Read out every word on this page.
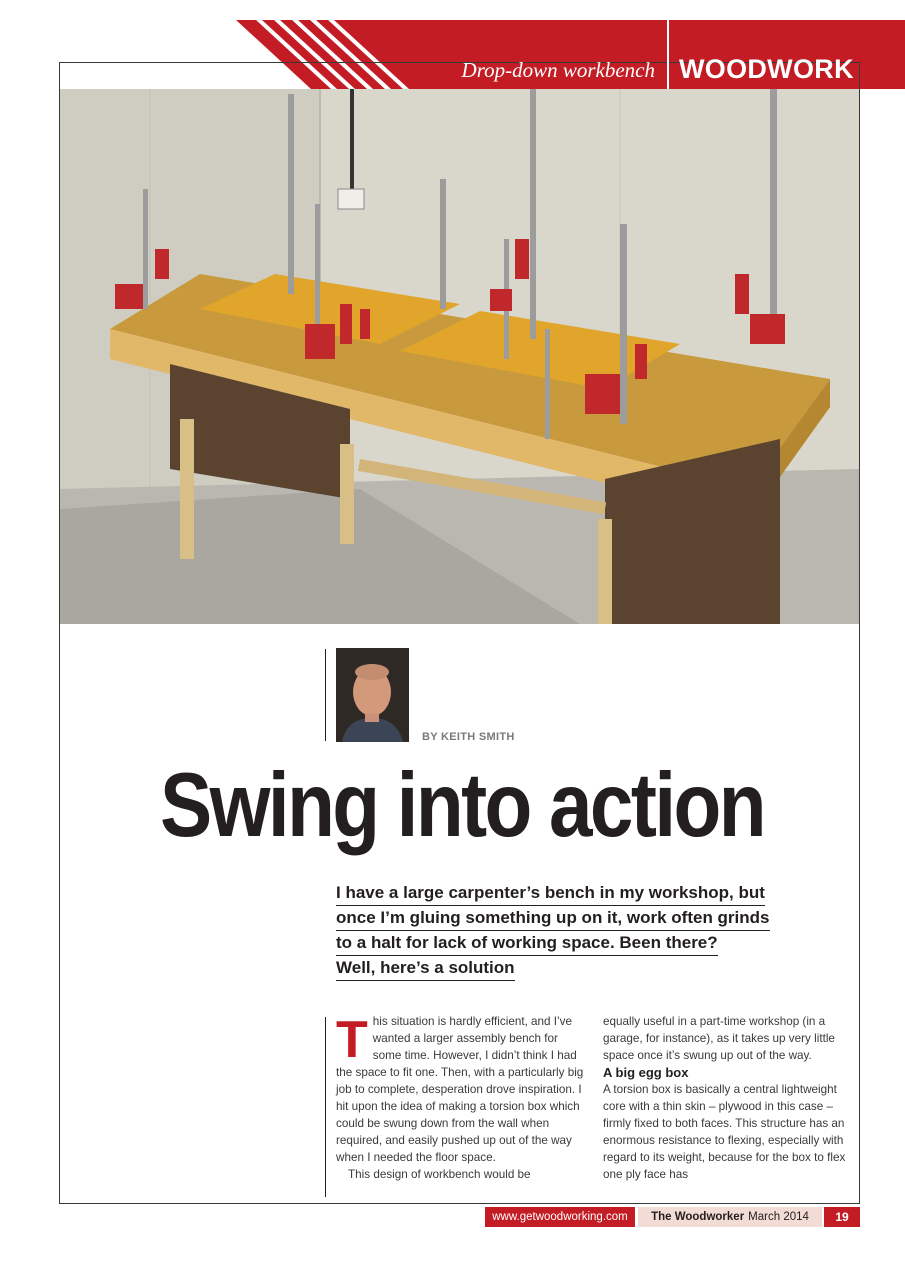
Drop-down workbench WOODWORK
BY KEITH SMITH
Swing into action
I have a large carpenter’s bench in my workshop, but
once I’m gluing something up on it, work often grinds
to a halt for lack of working space. Been there?
Well, here’s a solution
T his situation is hardly efficient, and I’ve wanted a larger assembly bench for some time. However, I didn’t think I had the space to fit one. Then, with a particularly big job to complete, desperation drove inspiration. I hit upon the idea of making a torsion box which could be swung down from the wall when required, and easily pushed up out of the way when I needed the floor space.

This design of workbench would be

equally useful in a part-time workshop (in a garage, for instance), as it takes up very little space once it’s swung up out of the way.

A big egg box

A torsion box is basically a central lightweight core with a thin skin – plywood in this case – firmly fixed to both faces. This structure has an enormous resistance to flexing, especially with regard to its weight, because for the box to flex one ply face has

www.getwoodworking.com	The Woodworker March 2014	19
